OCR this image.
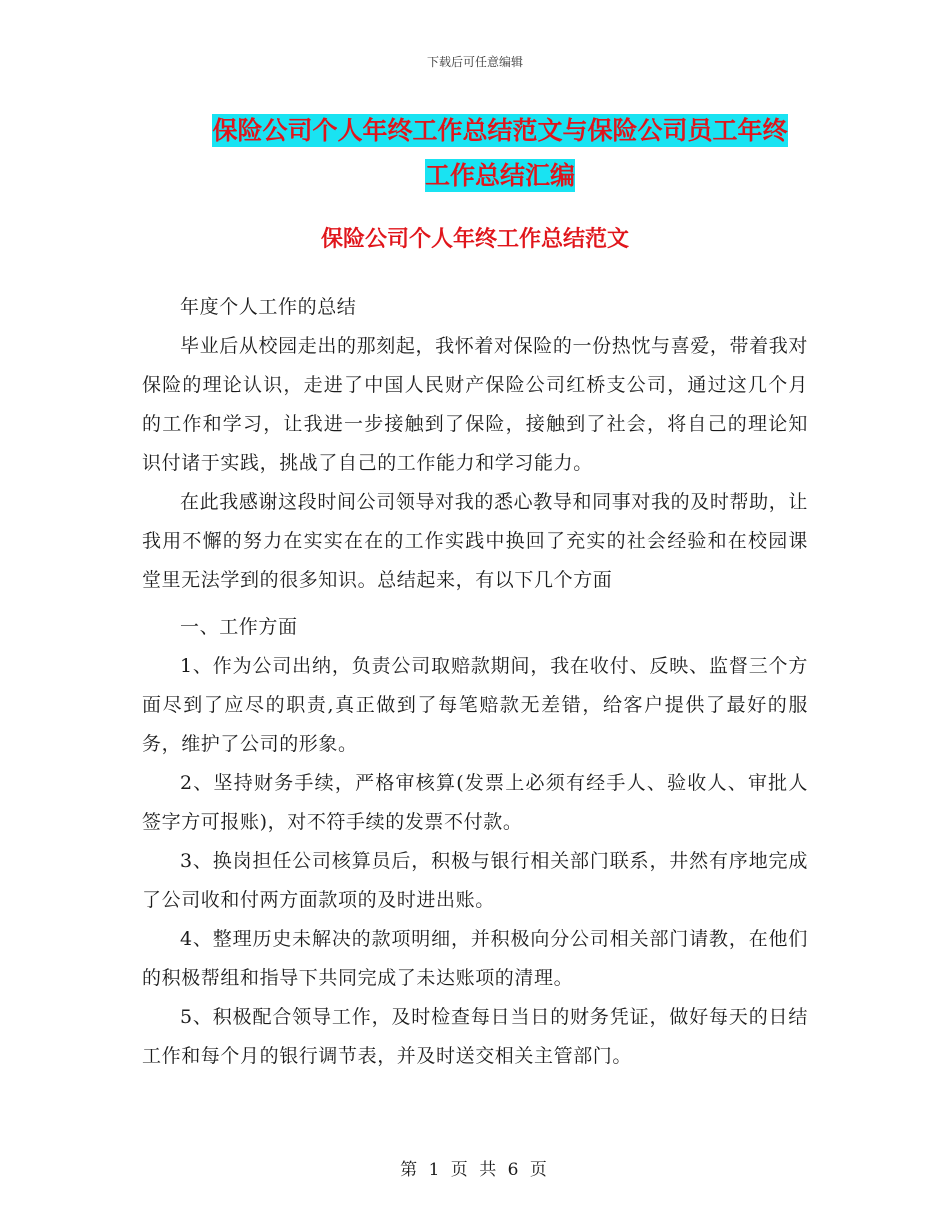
下载后可任意编辑
保险公司个人年终工作总结范文与保险公司员工年终
工作总结汇编
保险公司个人年终工作总结范文

年度个人工作的总结

毕业后从校园走出的那刻起，我怀着对保险的一份热忱与喜爱，带着我对保险的理论认识，走进了中国人民财产保险公司红桥支公司，通过这几个月的工作和学习，让我进一步接触到了保险，接触到了社会，将自己的理论知识付诸于实践，挑战了自己的工作能力和学习能力。

在此我感谢这段时间公司领导对我的悉心教导和同事对我的及时帮助，让我用不懈的努力在实实在在的工作实践中换回了充实的社会经验和在校园课堂里无法学到的很多知识。总结起来，有以下几个方面

一、工作方面

1、作为公司出纳，负责公司取赔款期间，我在收付、反映、监督三个方面尽到了应尽的职责,真正做到了每笔赔款无差错，给客户提供了最好的服务，维护了公司的形象。

2、坚持财务手续，严格审核算(发票上必须有经手人、验收人、审批人签字方可报账)，对不符手续的发票不付款。

3、换岗担任公司核算员后，积极与银行相关部门联系，井然有序地完成了公司收和付两方面款项的及时进出账。

4、整理历史未解决的款项明细，并积极向分公司相关部门请教，在他们的积极帮组和指导下共同完成了未达账项的清理。

5、积极配合领导工作，及时检查每日当日的财务凭证，做好每天的日结工作和每个月的银行调节表，并及时送交相关主管部门。

第 1 页 共 6 页
